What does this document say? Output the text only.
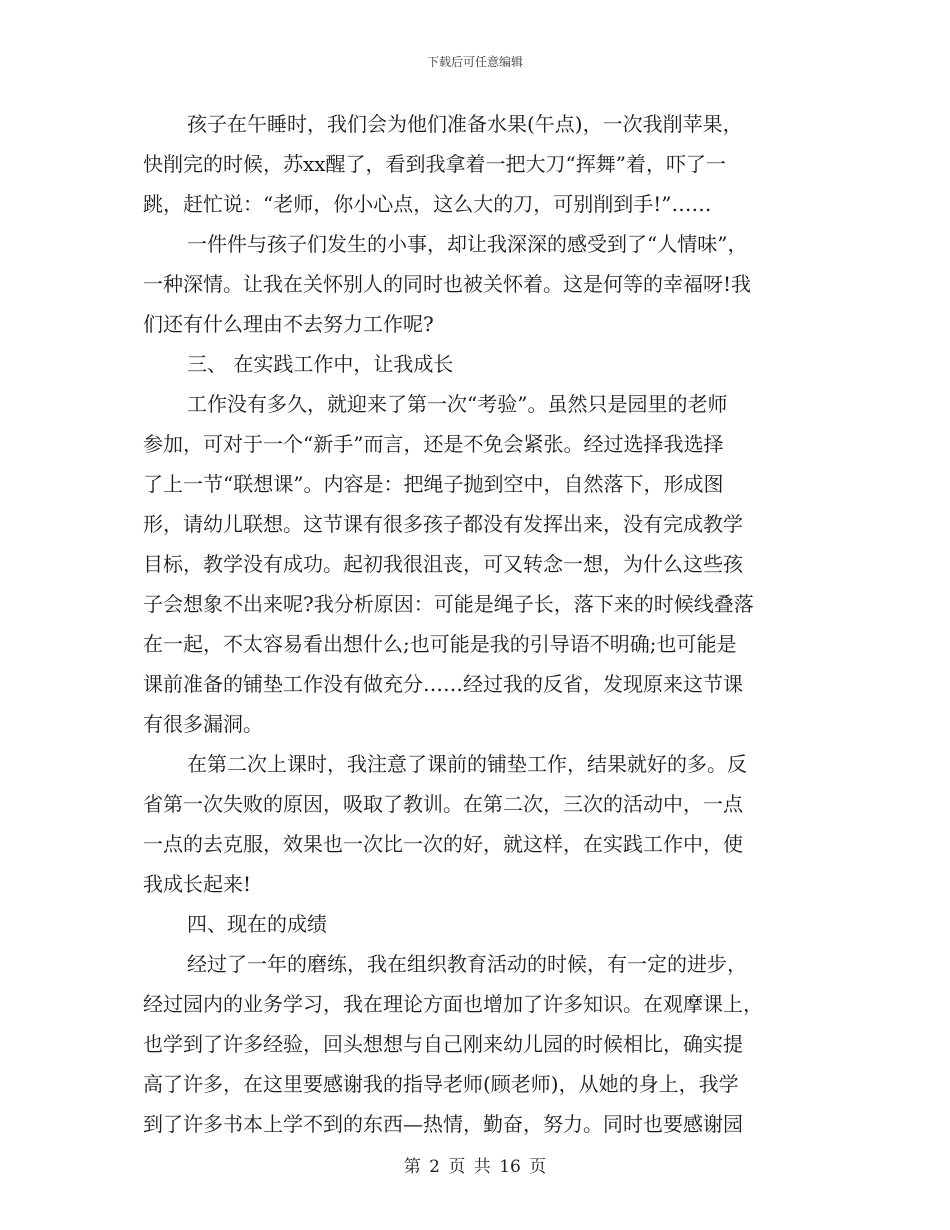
下载后可任意编辑
孩子在午睡时，我们会为他们准备水果(午点)，一次我削苹果，
快削完的时候，苏xx醒了，看到我拿着一把大刀“挥舞”着，吓了一
跳，赶忙说：“老师，你小心点，这么大的刀，可别削到手!”……
一件件与孩子们发生的小事，却让我深深的感受到了“人情味”，
一种深情。让我在关怀别人的同时也被关怀着。这是何等的幸福呀!我
们还有什么理由不去努力工作呢?
三、 在实践工作中，让我成长
工作没有多久，就迎来了第一次“考验”。虽然只是园里的老师
参加，可对于一个“新手”而言，还是不免会紧张。经过选择我选择
了上一节“联想课”。内容是：把绳子抛到空中，自然落下，形成图
形，请幼儿联想。这节课有很多孩子都没有发挥出来，没有完成教学
目标，教学没有成功。起初我很沮丧，可又转念一想，为什么这些孩
子会想象不出来呢?我分析原因：可能是绳子长，落下来的时候线叠落
在一起，不太容易看出想什么;也可能是我的引导语不明确;也可能是
课前准备的铺垫工作没有做充分……经过我的反省，发现原来这节课
有很多漏洞。
在第二次上课时，我注意了课前的铺垫工作，结果就好的多。反
省第一次失败的原因，吸取了教训。在第二次，三次的活动中，一点
一点的去克服，效果也一次比一次的好，就这样，在实践工作中，使
我成长起来!
四、现在的成绩
经过了一年的磨练，我在组织教育活动的时候，有一定的进步，
经过园内的业务学习，我在理论方面也增加了许多知识。在观摩课上，
也学到了许多经验，回头想想与自己刚来幼儿园的时候相比，确实提
高了许多，在这里要感谢我的指导老师(顾老师)，从她的身上，我学
到了许多书本上学不到的东西—热情，勤奋，努力。同时也要感谢园
第 2 页 共 16 页
